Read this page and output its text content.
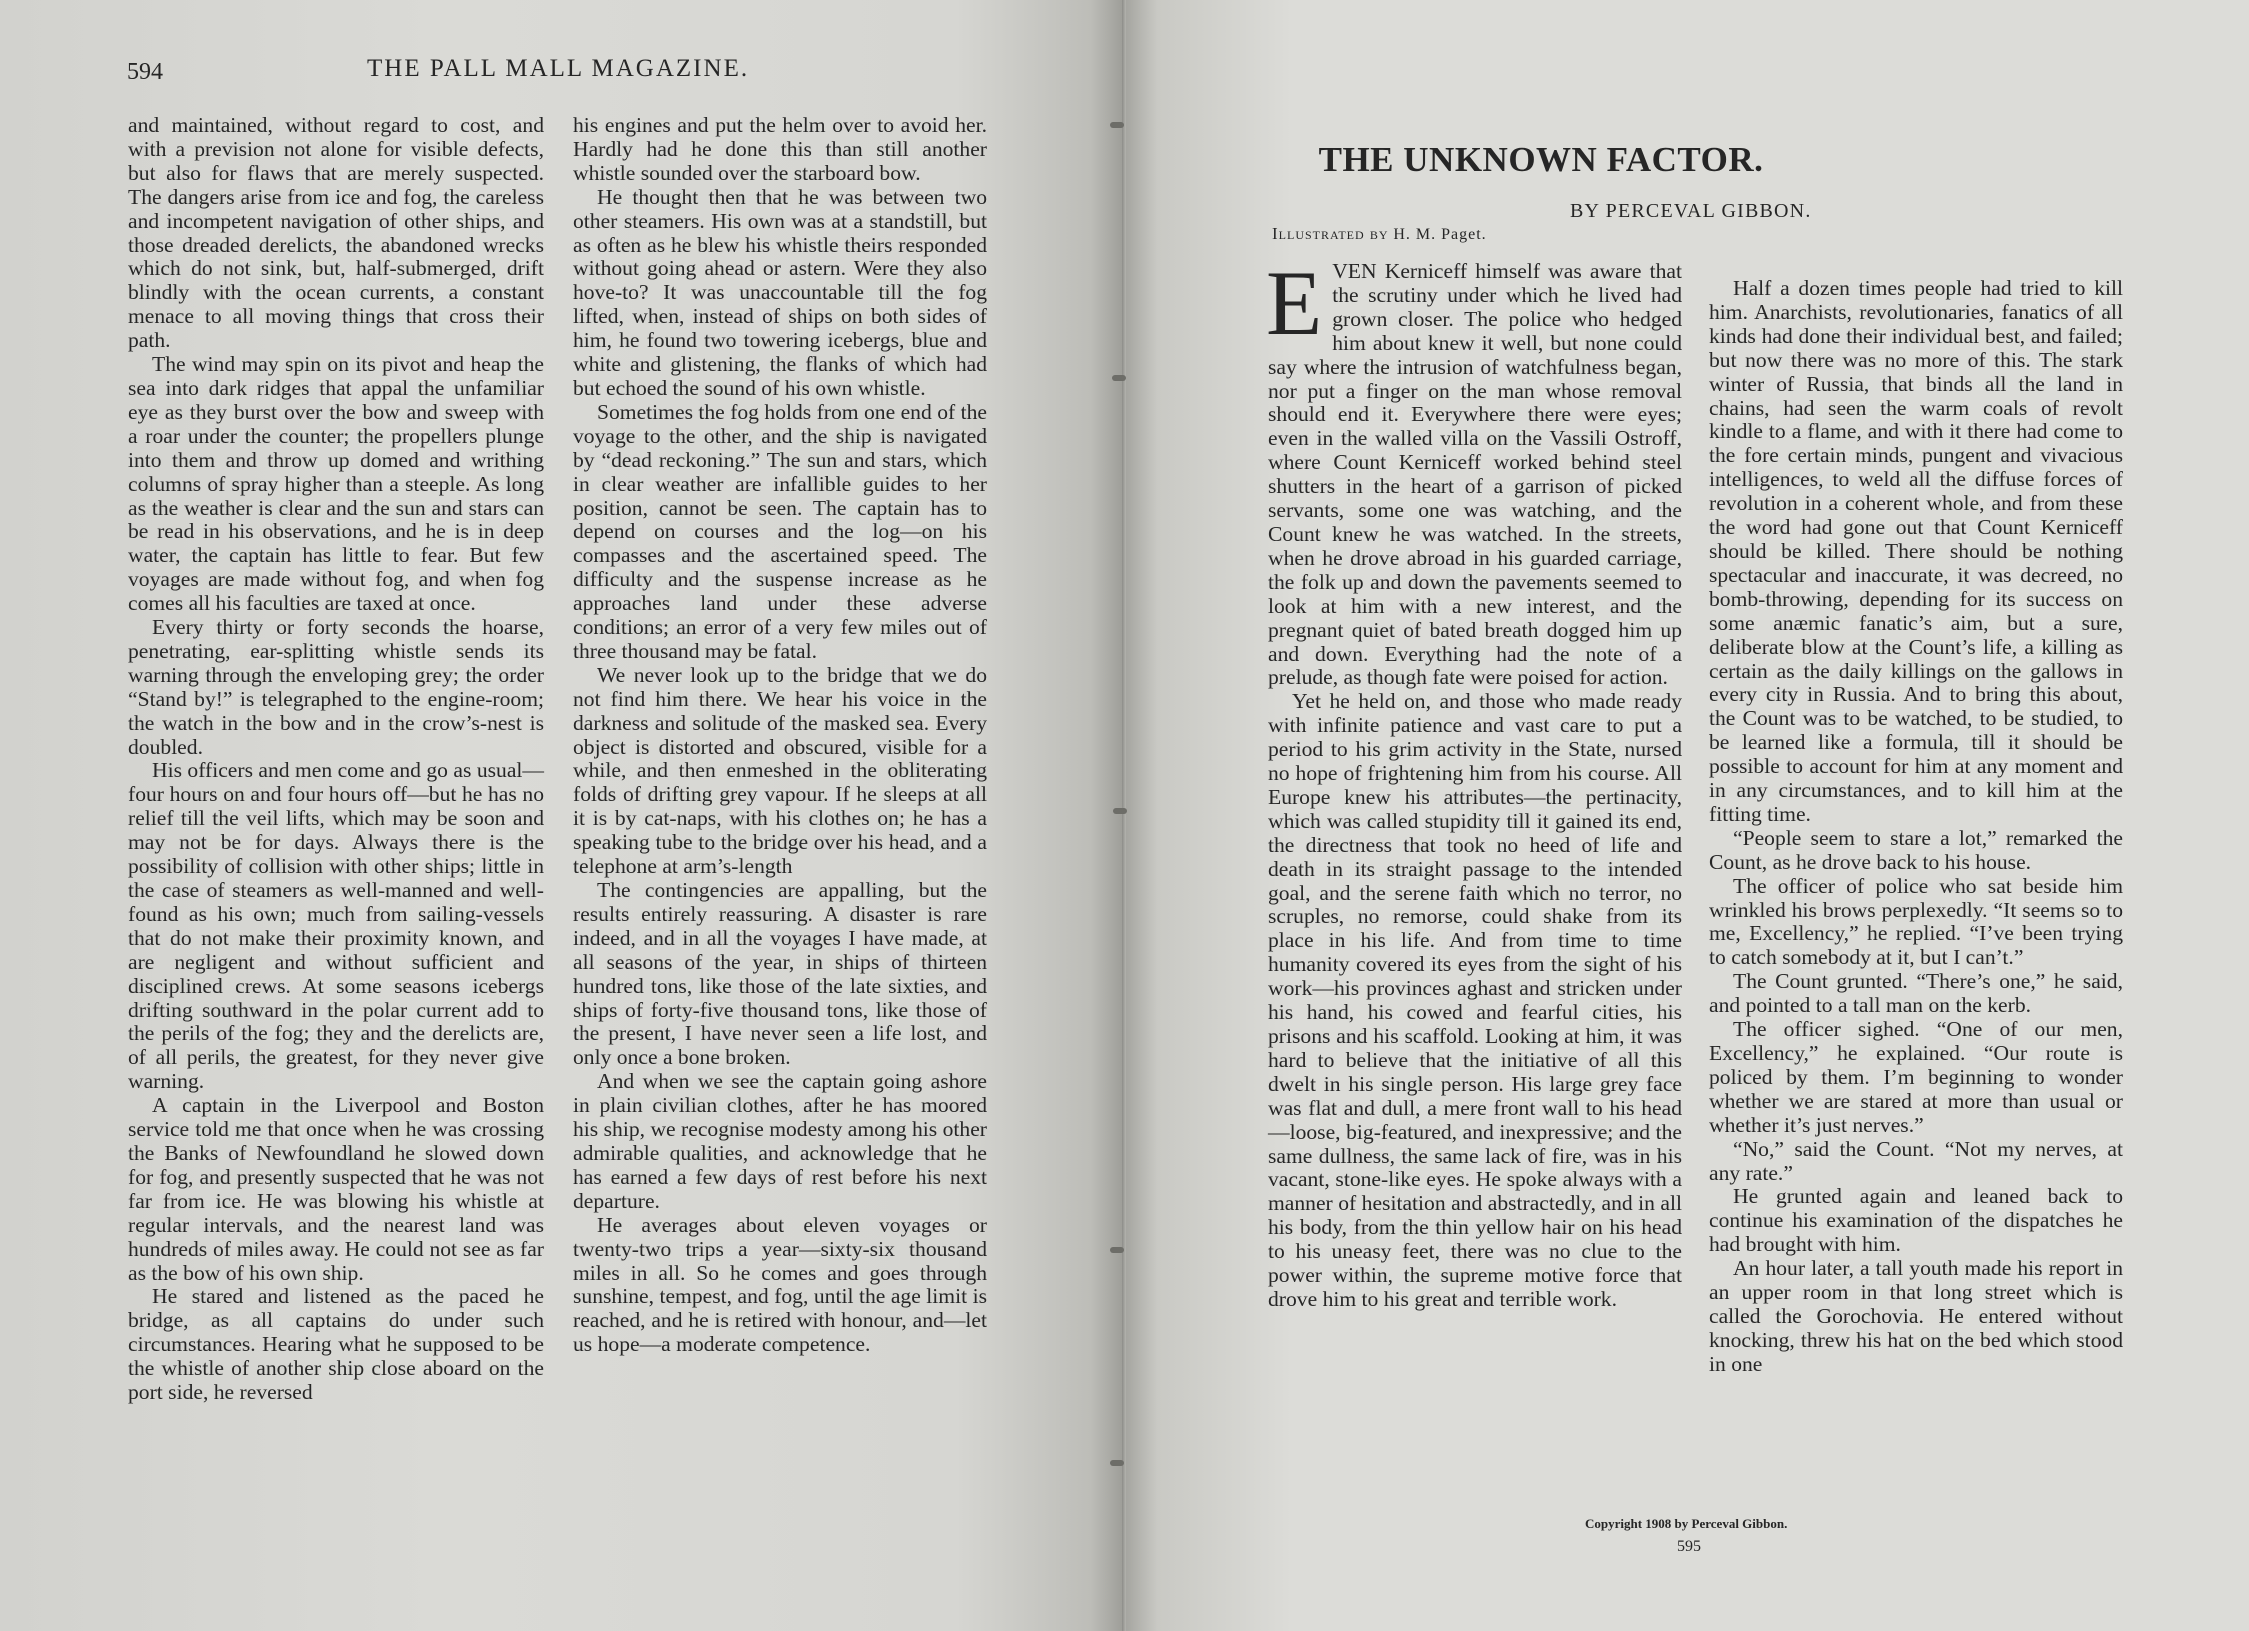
594	THE PALL MALL MAGAZINE.

and maintained, without regard to cost, and with a prevision not alone for visible defects, but also for flaws that are merely suspected. The dangers arise from ice and fog, the careless and incompetent navigation of other ships, and those dreaded derelicts, the abandoned wrecks which do not sink, but, half-submerged, drift blindly with the ocean currents, a constant menace to all moving things that cross their path.

The wind may spin on its pivot and heap the sea into dark ridges that appal the unfamiliar eye as they burst over the bow and sweep with a roar under the counter; the propellers plunge into them and throw up domed and writhing columns of spray higher than a steeple. As long as the weather is clear and the sun and stars can be read in his observations, and he is in deep water, the captain has little to fear. But few voyages are made without fog, and when fog comes all his faculties are taxed at once.

Every thirty or forty seconds the hoarse, penetrating, ear-splitting whistle sends its warning through the enveloping grey; the order “Stand by!” is telegraphed to the engine-room; the watch in the bow and in the crow’s-nest is doubled.

His officers and men come and go as usual—four hours on and four hours off—but he has no relief till the veil lifts, which may be soon and may not be for days. Always there is the possibility of collision with other ships; little in the case of steamers as well-manned and well-found as his own; much from sailing-vessels that do not make their proximity known, and are negligent and without sufficient and disciplined crews. At some seasons icebergs drifting southward in the polar current add to the perils of the fog; they and the derelicts are, of all perils, the greatest, for they never give warning.

A captain in the Liverpool and Boston service told me that once when he was crossing the Banks of Newfoundland he slowed down for fog, and presently suspected that he was not far from ice. He was blowing his whistle at regular intervals, and the nearest land was hundreds of miles away. He could not see as far as the bow of his own ship.

He stared and listened as the paced he bridge, as all captains do under such circumstances. Hearing what he supposed to be the whistle of another ship close aboard on the port side, he reversed

his engines and put the helm over to avoid her. Hardly had he done this than still another whistle sounded over the starboard bow.

He thought then that he was between two other steamers. His own was at a standstill, but as often as he blew his whistle theirs responded without going ahead or astern. Were they also hove-to? It was unaccountable till the fog lifted, when, instead of ships on both sides of him, he found two towering icebergs, blue and white and glistening, the flanks of which had but echoed the sound of his own whistle.

Sometimes the fog holds from one end of the voyage to the other, and the ship is navigated by “dead reckoning.” The sun and stars, which in clear weather are infallible guides to her position, cannot be seen. The captain has to depend on courses and the log—on his compasses and the ascertained speed. The difficulty and the suspense increase as he approaches land under these adverse conditions; an error of a very few miles out of three thousand may be fatal.

We never look up to the bridge that we do not find him there. We hear his voice in the darkness and solitude of the masked sea. Every object is distorted and obscured, visible for a while, and then enmeshed in the obliterating folds of drifting grey vapour. If he sleeps at all it is by cat-naps, with his clothes on; he has a speaking tube to the bridge over his head, and a telephone at arm’s-length

The contingencies are appalling, but the results entirely reassuring. A disaster is rare indeed, and in all the voyages I have made, at all seasons of the year, in ships of thirteen hundred tons, like those of the late sixties, and ships of forty-five thousand tons, like those of the present, I have never seen a life lost, and only once a bone broken.

And when we see the captain going ashore in plain civilian clothes, after he has moored his ship, we recognise modesty among his other admirable qualities, and acknowledge that he has earned a few days of rest before his next departure.

He averages about eleven voyages or twenty-two trips a year—sixty-six thousand miles in all. So he comes and goes through sunshine, tempest, and fog, until the age limit is reached, and he is retired with honour, and—let us hope—a moderate competence.

THE UNKNOWN FACTOR.
BY PERCEVAL GIBBON.
Illustrated by H. M. Paget.

EVEN Kerniceff himself was aware that the scrutiny under which he lived had grown closer. The police who hedged him about knew it well, but none could say where the intrusion of watchfulness began, nor put a finger on the man whose removal should end it. Everywhere there were eyes; even in the walled villa on the Vassili Ostroff, where Count Kerniceff worked behind steel shutters in the heart of a garrison of picked servants, some one was watching, and the Count knew he was watched. In the streets, when he drove abroad in his guarded carriage, the folk up and down the pavements seemed to look at him with a new interest, and the pregnant quiet of bated breath dogged him up and down. Everything had the note of a prelude, as though fate were poised for action.

Yet he held on, and those who made ready with infinite patience and vast care to put a period to his grim activity in the State, nursed no hope of frightening him from his course. All Europe knew his attributes—the pertinacity, which was called stupidity till it gained its end, the directness that took no heed of life and death in its straight passage to the intended goal, and the serene faith which no terror, no scruples, no remorse, could shake from its place in his life. And from time to time humanity covered its eyes from the sight of his work—his provinces aghast and stricken under his hand, his cowed and fearful cities, his prisons and his scaffold. Looking at him, it was hard to believe that the initiative of all this dwelt in his single person. His large grey face was flat and dull, a mere front wall to his head—loose, big-featured, and inexpressive; and the same dullness, the same lack of fire, was in his vacant, stone-like eyes. He spoke always with a manner of hesitation and abstractedly, and in all his body, from the thin yellow hair on his head to his uneasy feet, there was no clue to the power within, the supreme motive force that drove him to his great and terrible work.

Half a dozen times people had tried to kill him. Anarchists, revolutionaries, fanatics of all kinds had done their individual best, and failed; but now there was no more of this. The stark winter of Russia, that binds all the land in chains, had seen the warm coals of revolt kindle to a flame, and with it there had come to the fore certain minds, pungent and vivacious intelligences, to weld all the diffuse forces of revolution in a coherent whole, and from these the word had gone out that Count Kerniceff should be killed. There should be nothing spectacular and inaccurate, it was decreed, no bomb-throwing, depending for its success on some anæmic fanatic’s aim, but a sure, deliberate blow at the Count’s life, a killing as certain as the daily killings on the gallows in every city in Russia. And to bring this about, the Count was to be watched, to be studied, to be learned like a formula, till it should be possible to account for him at any moment and in any circumstances, and to kill him at the fitting time.

“People seem to stare a lot,” remarked the Count, as he drove back to his house.

The officer of police who sat beside him wrinkled his brows perplexedly. “It seems so to me, Excellency,” he replied. “I’ve been trying to catch somebody at it, but I can’t.”

The Count grunted. “There’s one,” he said, and pointed to a tall man on the kerb.

The officer sighed. “One of our men, Excellency,” he explained. “Our route is policed by them. I’m beginning to wonder whether we are stared at more than usual or whether it’s just nerves.”

“No,” said the Count. “Not my nerves, at any rate.”

He grunted again and leaned back to continue his examination of the dispatches he had brought with him.

An hour later, a tall youth made his report in an upper room in that long street which is called the Gorochovia. He entered without knocking, threw his hat on the bed which stood in one

Copyright 1908 by Perceval Gibbon.
595
